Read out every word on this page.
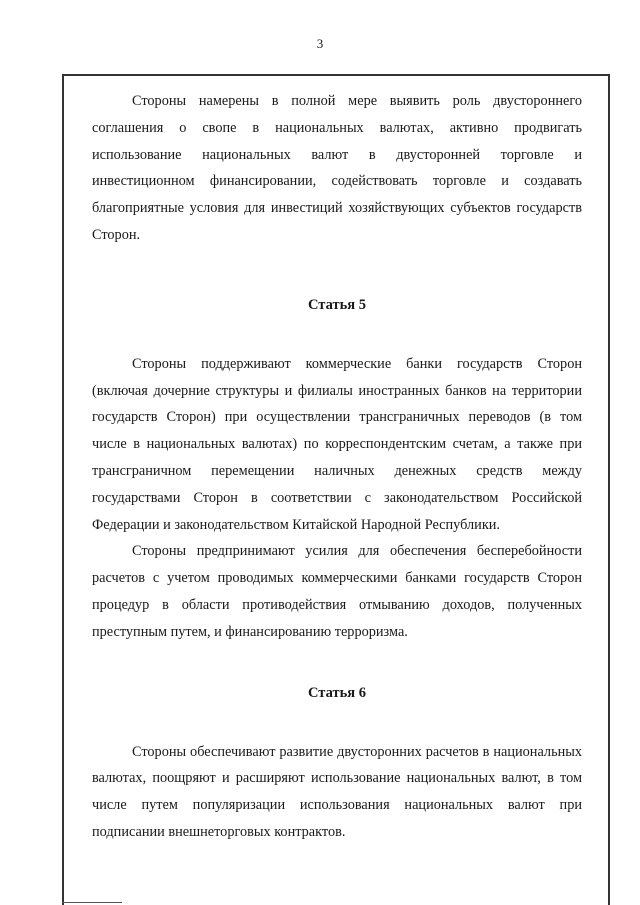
3

Стороны намерены в полной мере выявить роль двустороннего соглашения о свопе в национальных валютах, активно продвигать использование национальных валют в двусторонней торговле и инвестиционном финансировании, содействовать торговле и создавать благоприятные условия для инвестиций хозяйствующих субъектов государств Сторон.

Статья 5

Стороны поддерживают коммерческие банки государств Сторон (включая дочерние структуры и филиалы иностранных банков на территории государств Сторон) при осуществлении трансграничных переводов (в том числе в национальных валютах) по корреспондентским счетам, а также при трансграничном перемещении наличных денежных средств между государствами Сторон в соответствии с законодательством Российской Федерации и законодательством Китайской Народной Республики.

Стороны предпринимают усилия для обеспечения бесперебойности расчетов с учетом проводимых коммерческими банками государств Сторон процедур в области противодействия отмыванию доходов, полученных преступным путем, и финансированию терроризма.

Статья 6

Стороны обеспечивают развитие двусторонних расчетов в национальных валютах, поощряют и расширяют использование национальных валют, в том числе путем популяризации использования национальных валют при подписании внешнеторговых контрактов.
